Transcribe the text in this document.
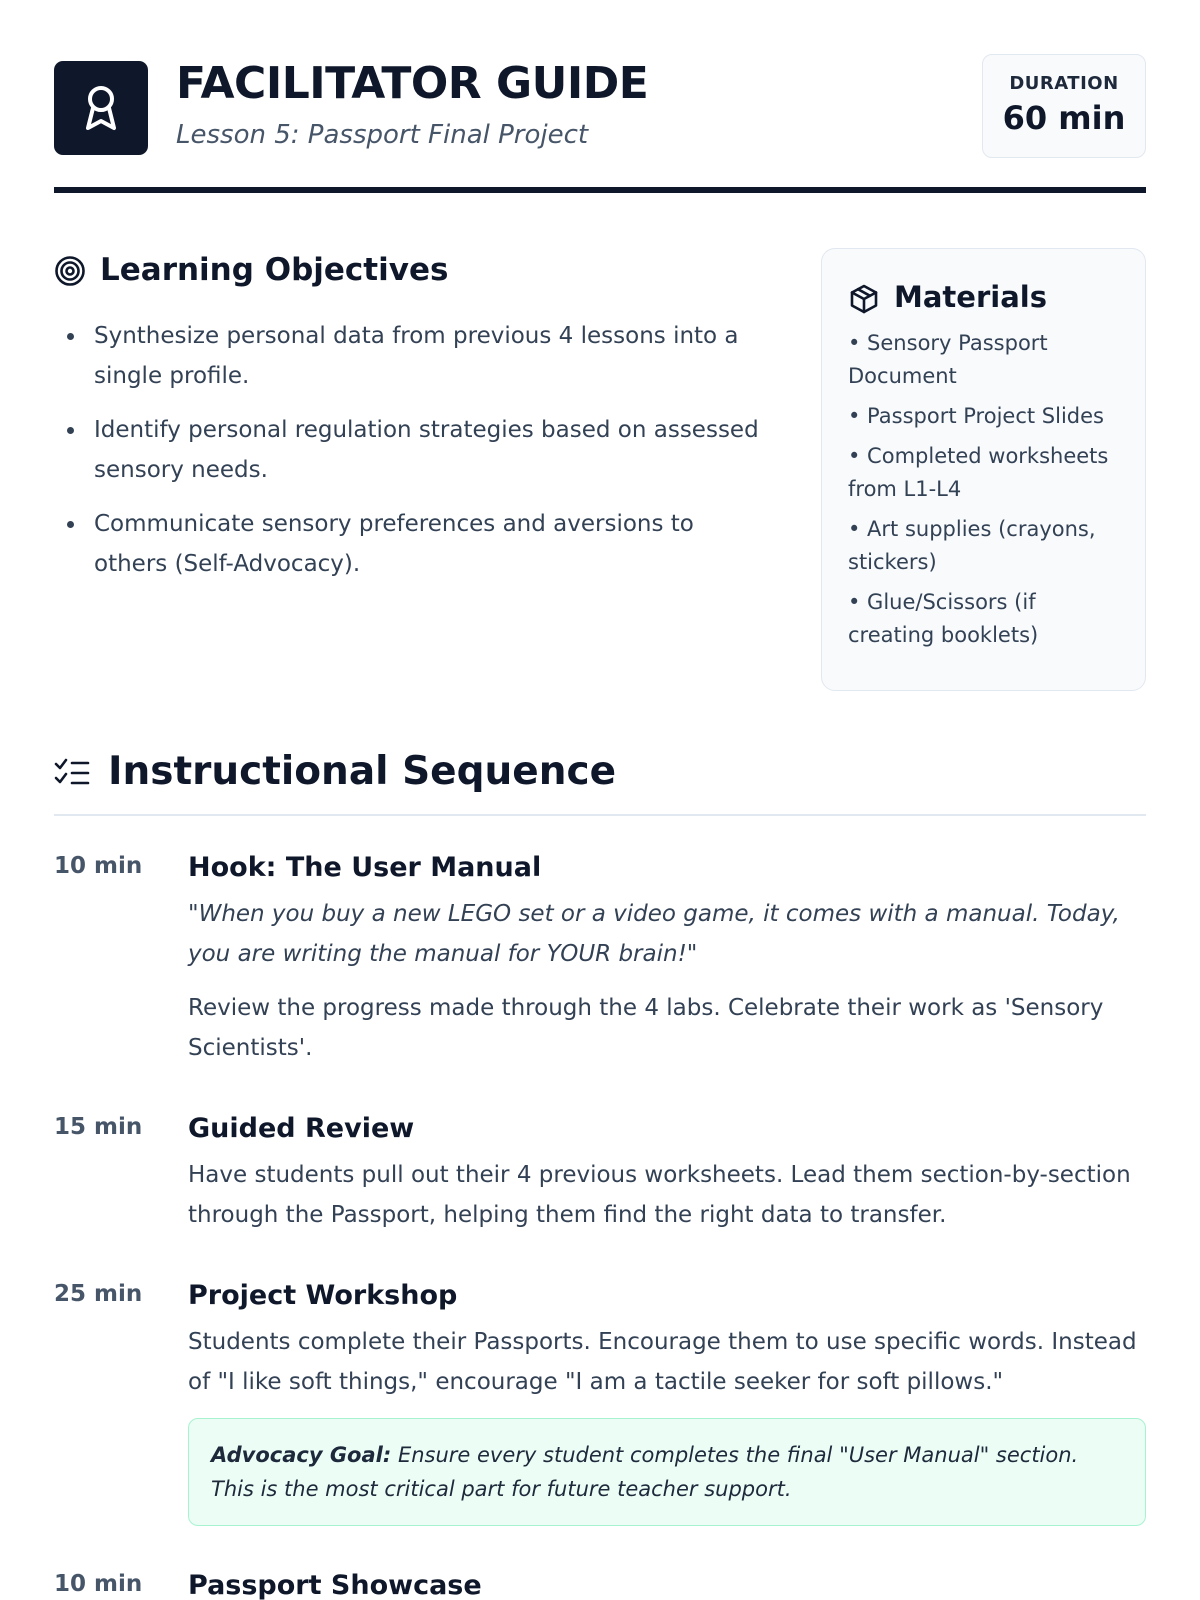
FACILITATOR GUIDE
Lesson 5: Passport Final Project
DURATION
60 min
Learning Objectives
Synthesize personal data from previous 4 lessons into a single profile.
Identify personal regulation strategies based on assessed sensory needs.
Communicate sensory preferences and aversions to others (Self-Advocacy).
Materials
• Sensory Passport Document
• Passport Project Slides
• Completed worksheets from L1-L4
• Art supplies (crayons, stickers)
• Glue/Scissors (if creating booklets)
Instructional Sequence
10 min Hook: The User Manual
"When you buy a new LEGO set or a video game, it comes with a manual. Today, you are writing the manual for YOUR brain!"
Review the progress made through the 4 labs. Celebrate their work as 'Sensory Scientists'.
15 min Guided Review
Have students pull out their 4 previous worksheets. Lead them section-by-section through the Passport, helping them find the right data to transfer.
25 min Project Workshop
Students complete their Passports. Encourage them to use specific words. Instead of "I like soft things," encourage "I am a tactile seeker for soft pillows."
Advocacy Goal: Ensure every student completes the final "User Manual" section. This is the most critical part for future teacher support.
10 min Passport Showcase
